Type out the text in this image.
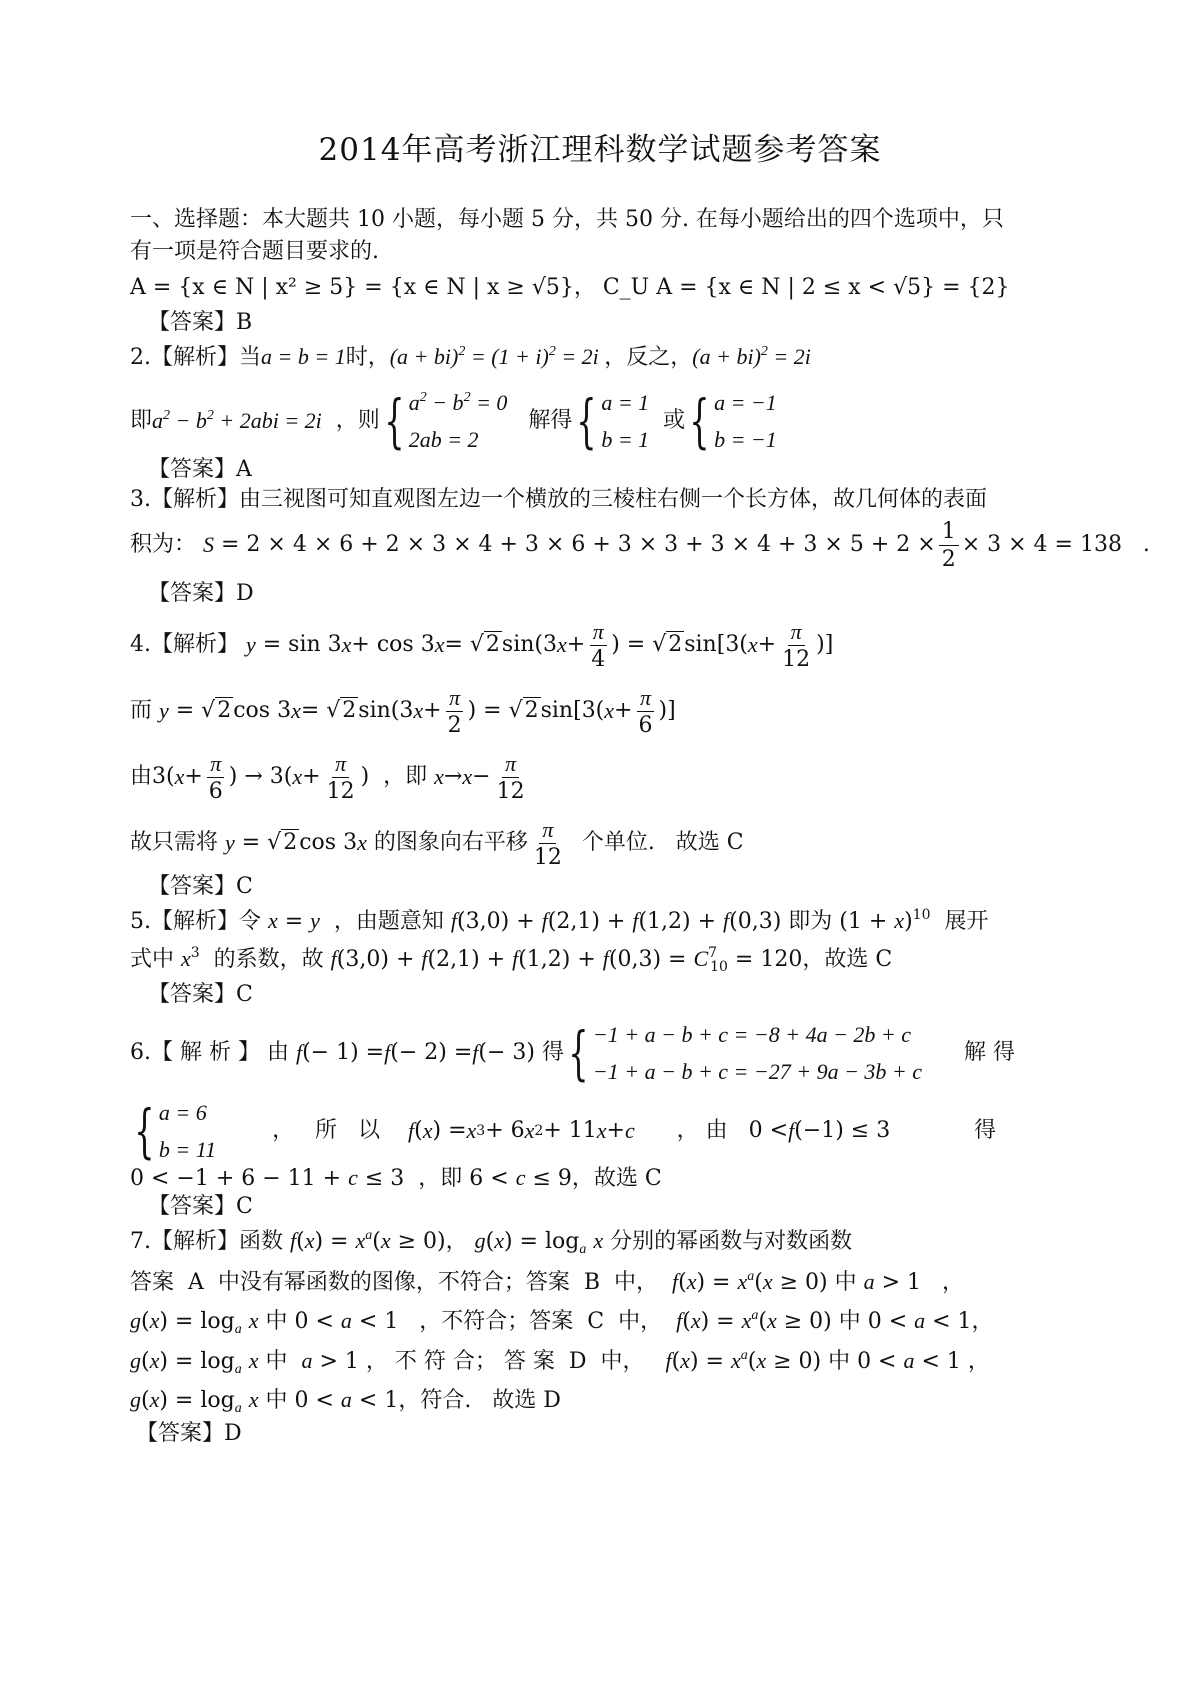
2014年高考浙江理科数学试题参考答案
一、选择题：本大题共 10 小题，每小题 5 分，共 50 分. 在每小题给出的四个选项中，只
有一项是符合题目要求的.
A = {x ∈ N | x² ≥ 5} = {x ∈ N | x ≥ √5}， C_U A = {x ∈ N | 2 ≤ x < √5} = {2}
【答案】B
2.【解析】当a = b = 1时，$(a + bi)^2 = (1 + i)^2 = 2i$ ，反之，(a + bi)$^2$ = 2i
即 $a^2 - b^2 + 2abi = 2i$ ，则 { $a^2 - b^2 = 0$
2ab = 2
解得 { a = 1
b = 1
或 { a = −1
b = −1
【答案】A
3.【解析】由三视图可知直观图左边一个横放的三棱柱右侧一个长方体，故几何体的表面
积为： $S = 2 \times 4 \times 6 + 2 \times 3 \times 4 + 3 \times 6 + 3 \times 3 + 3 \times 4 + 3 \times 5 + 2 \times \frac{1}{2} \times 3 \times 4 = 138$   .
【答案】D
4.【解析】 y = sin 3 x + cos 3 x = √ 2 sin(3 $x + \frac{\pi}{4}$ ) = √ 2 sin[3( $x + \frac{\pi}{12}$ )]
而 y = √ 2 cos 3 x = √ 2 sin(3 $x + \frac{\pi}{2}$ ) = √ 2 sin[3( $x + \frac{\pi}{6}$ )]
由3( $x + \frac{\pi}{6}$ ) → 3( $x + \frac{\pi}{12}$ )  ，即 $x \to x - \frac{\pi}{12}$
故只需将 y = √ 2 cos 3 x 的图象向右平移 $\frac{\pi}{12}$ 个单位.   故选 C
【答案】C
5.【解析】令 x = y  ，由题意知 f(3,0) + f(2,1) + f(1,2) + f(0,3) 即为 $(1 + x)^{10}$  展开
式中 $x^3$  的系数，故 $f(3,0) + f(2,1) + f(1,2) + f(0,3) = C^7_{10} = 120$，故选 C
【答案】C
6.【 解 析 】 由 f (− 1) = f (− 2) = f (− 3) 得 { −1 + a − b + c = −8 + 4a − 2b + c
−1 + a − b + c = −27 + 9a − 3b + c
解 得
{ a = 6
b = 11
，   所   以 f ( x ) = x 3 + 6 x 2 + 11 x + c ， 由   0 < f (−1) ≤ 3            得
0 < −1 + 6 − 11 + c ≤ 3  ，即 6 < c ≤ 9，故选 C
【答案】C
7.【解析】函数 $f(x) = x^a(x \ge 0)$， $g(x) = \log_a x$ 分别的幂函数与对数函数
答案  A  中没有幂函数的图像，不符合；答案  B  中，  $f(x) = x^a(x \ge 0)$ 中 a > 1   ，
$g(x) = \log_a x$ 中 0 < a < 1   ，不符合；答案  C  中，  $f(x) = x^a(x \ge 0)$ 中 0 < a < 1，
$g(x) = \log_a x$ 中  a > 1 ， 不 符 合； 答 案  D  中，   $f(x) = x^a(x \ge 0)$ 中 0 < a < 1 ，
$g(x) = \log_a x$ 中 0 < a < 1，符合.   故选 D
【答案】D
